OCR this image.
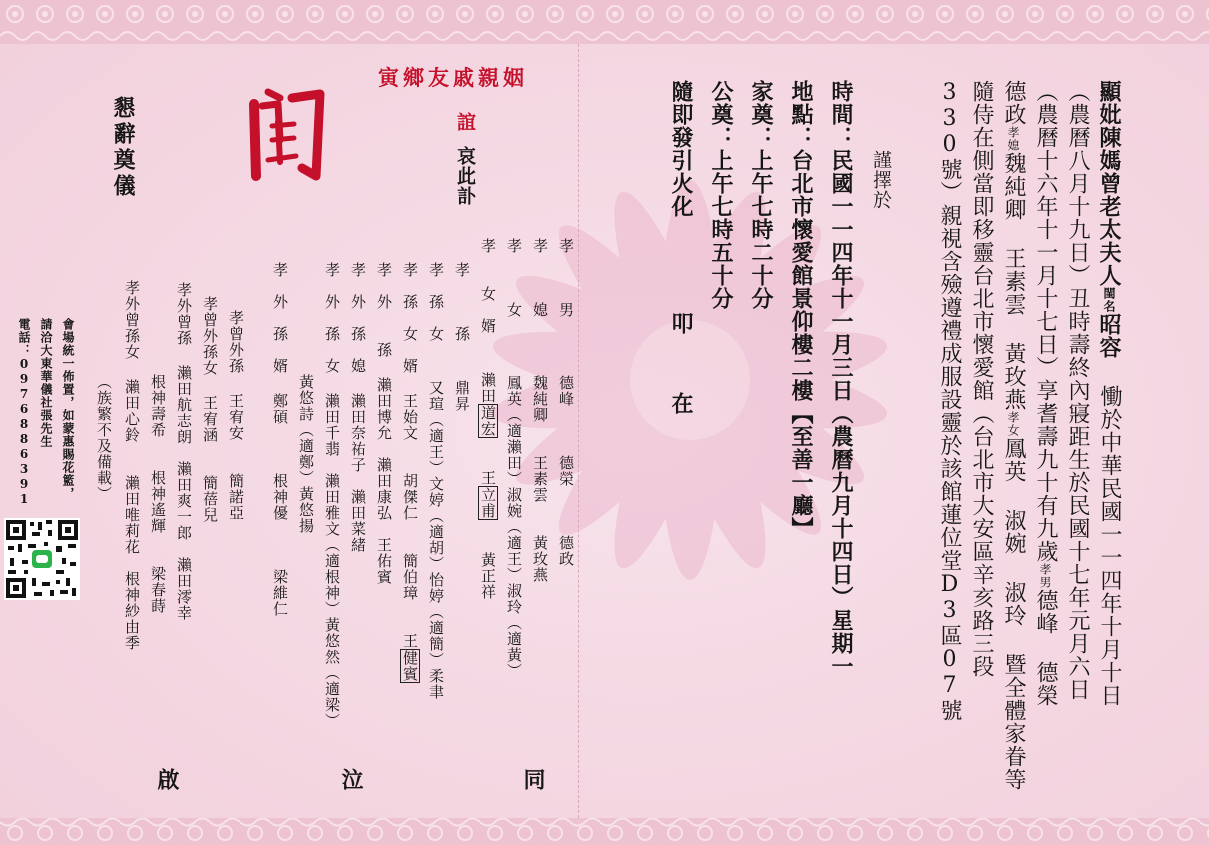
顯妣陳媽曾老太夫人閨名昭容 慟於中華民國一一四年十月十日
（農曆八月十九日）丑時壽終內寢距生於民國十七年元月六日
（農曆十六年十一月十七日）享耆壽九十有九歲孝男德峰 德榮
德政孝媳魏純卿 王素雲 黃玫燕孝女鳳英 淑婉 淑玲 暨全體家眷等
隨侍在側當即移靈台北市懷愛館（台北市大安區辛亥路三段
330號）親視含殮遵禮成服設靈於該館蓮位堂D3區07號
謹擇於
時間：民國一一四年十一月三日（農曆九月十四日）星期一
地點：台北市懷愛館景仰樓二樓【至善一廳】
家奠：上午七時二十分
公奠：上午七時五十分
隨即發引火化
叩　在
同
孝　　　男   德峰　　　德榮　　　德政
孝　　　媳   魏純卿　　王素雲　　黃玫燕
孝　　　女   鳳英（適瀨田）淑婉（適王）淑玲（適黃）
孝　　女　婿  瀨田道宏　　王立甫　　黃正祥
孝　　　孫  鼎昇
孝　孫　女  又瑄（適王）文婷（適胡）怡婷（適簡）柔聿
孝　孫　女　婿 王始文　　胡傑仁　　簡伯璋　　王健賓
孝　外　　孫 瀨田博允　瀨田康弘　王佑賓
孝　外　孫　媳 瀨田奈祐子　瀨田菜緒
孝　外　孫　女 瀨田千翡　瀨田雅文（適根神）黃悠然（適梁）
黃悠詩（適鄭）黃悠揚
孝　外　孫　婿 鄭碩　　　根神優　　　梁維仁
孝曾外孫 王宥安　　簡諾亞
孝曾外孫女 王宥涵　　簡蓓兒
孝外曾孫 瀨田航志朗　瀨田爽一郎　瀨田澪幸
根神壽希　　根神遙輝　　梁春蒔
孝外曾孫女 瀨田心鈴　　瀨田唯莉花　根神紗由季
（族繁不及備載）
泣
啟
寅鄉友戚親姻
誼
哀此訃
懇辭奠儀
會場統一佈置，如蒙惠賜花籃，
請洽大東華儀社張先生
電話：0976886391
